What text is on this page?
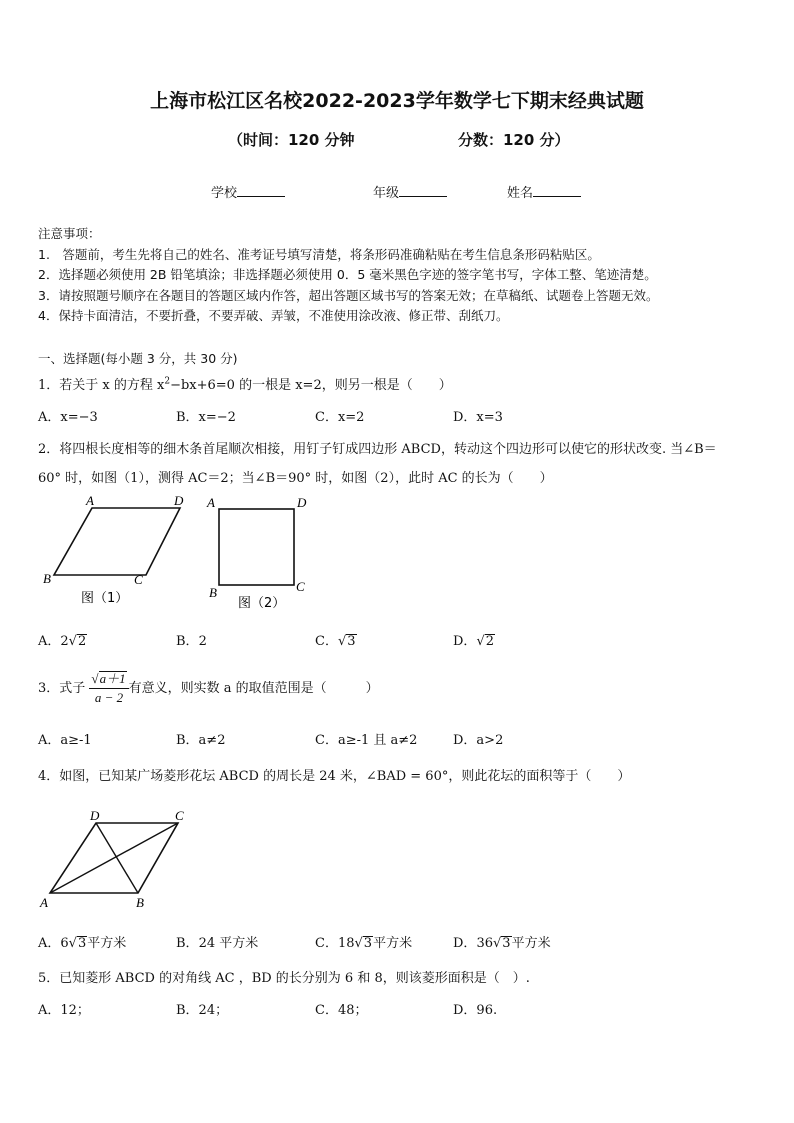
上海市松江区名校2022-2023学年数学七下期末经典试题
（时间：120 分钟	分数：120 分）
学校	年级	姓名
注意事项：
1.　答题前，考生先将自己的姓名、准考证号填写清楚，将条形码准确粘贴在考生信息条形码粘贴区。
2．选择题必须使用 2B 铅笔填涂；非选择题必须使用 0．5 毫米黑色字迹的签字笔书写，字体工整、笔迹清楚。
3．请按照题号顺序在各题目的答题区域内作答，超出答题区域书写的答案无效；在草稿纸、试题卷上答题无效。
4．保持卡面清洁，不要折叠，不要弄破、弄皱，不准使用涂改液、修正带、刮纸刀。
一、选择题(每小题 3 分，共 30 分)
1．若关于 x 的方程 $x^2-bx+6=0$ 的一根是 x=2，则另一根是（　　）
A．x=−3	B．x=−2	C．x=2	D．x=3
2．将四根长度相等的细木条首尾顺次相接，用钉子钉成四边形 ABCD，转动这个四边形可以使它的形状改变. 当∠B＝
60° 时，如图（1），测得 AC＝2；当∠B＝90° 时，如图（2），此时 AC 的长为（　　）
A	D
B	C
图（1）
A	D
B	C
图（2）
A．2√2	B．2	C．√3	D．√2
3．式子 $\frac{√a+1}{a - 2}$ 有意义，则实数 a 的取值范围是（　　　）
A．a≥-1	B．a≠2	C．a≥-1 且 a≠2	D．a>2
4．如图，已知某广场菱形花坛 ABCD 的周长是 24 米，∠BAD = 60°，则此花坛的面积等于（　　）
D	C
A	B
A．6√3平方米	B．24 平方米	C．18√3平方米	D．36√3平方米
5．已知菱形 ABCD 的对角线 AC ，BD 的长分别为 6 和 8，则该菱形面积是（　）.
A．12；	B．24；	C．48；	D．96.
